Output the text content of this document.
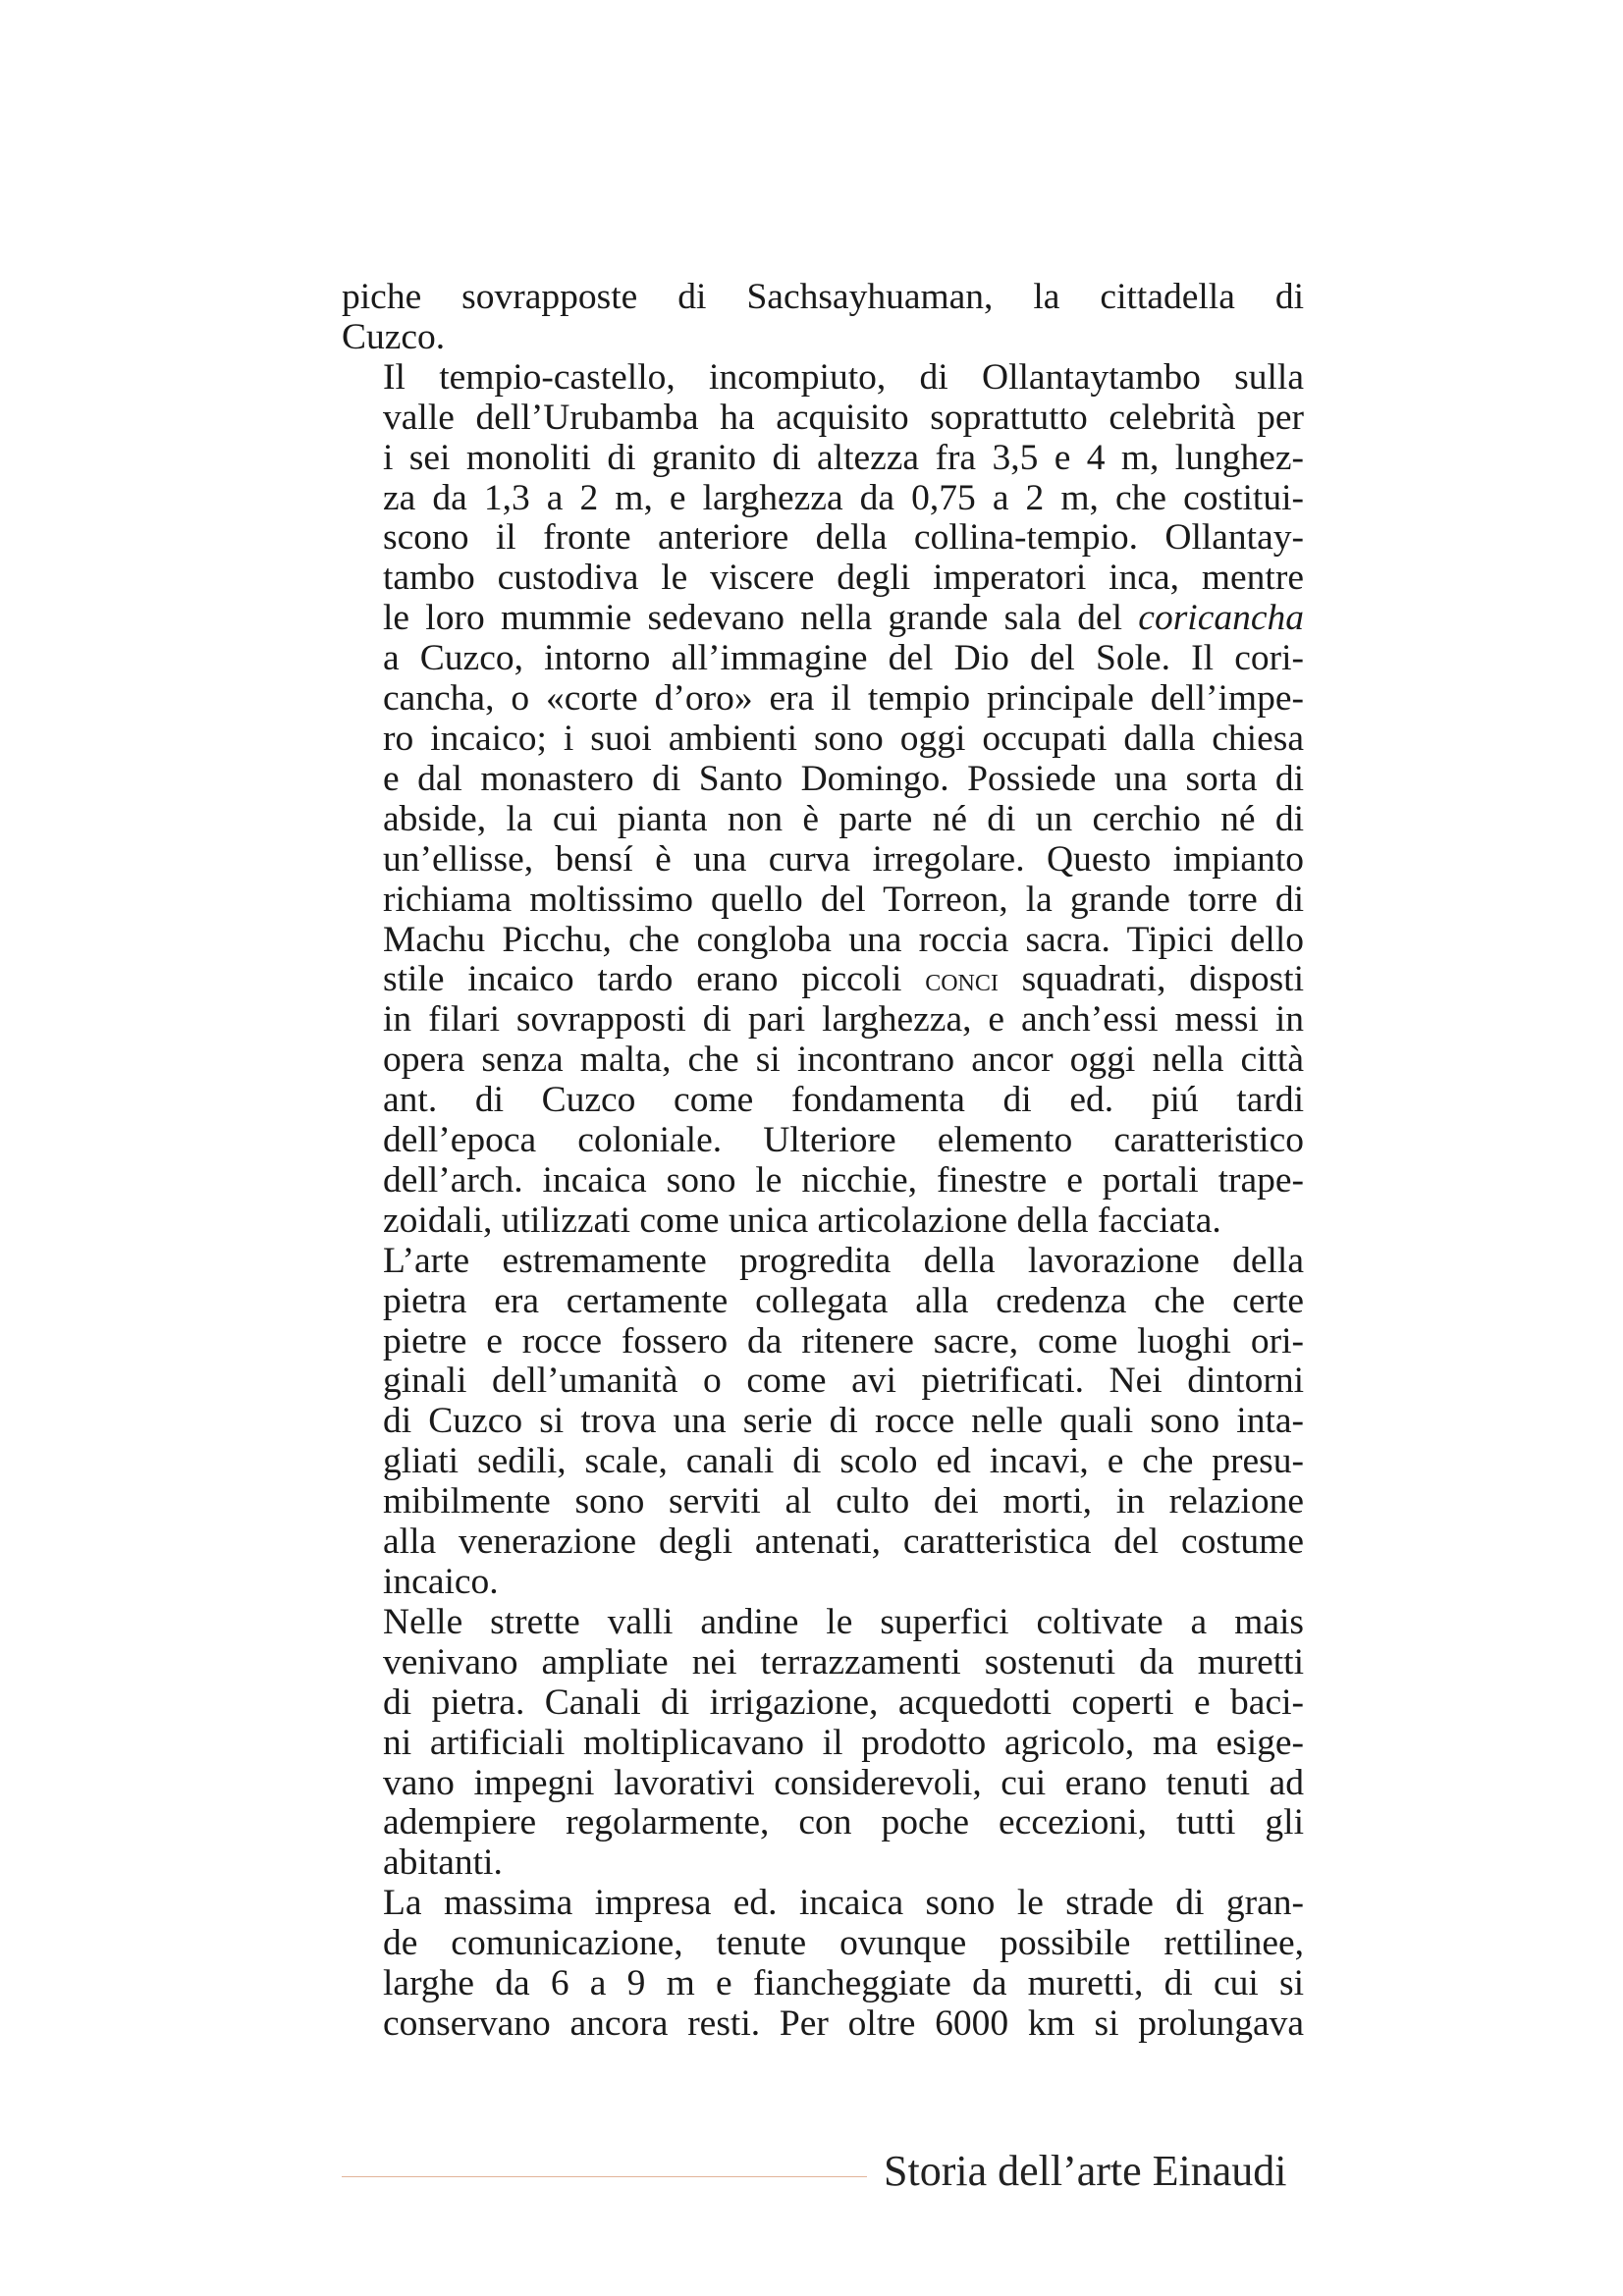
piche sovrapposte di Sachsayhuaman, la cittadella di
Cuzco.

Il tempio-castello, incompiuto, di Ollantaytambo sulla
valle dell’Urubamba ha acquisito soprattutto celebrità per
i sei monoliti di granito di altezza fra 3,5 e 4 m, lunghez-
za da 1,3 a 2 m, e larghezza da 0,75 a 2 m, che costitui-
scono il fronte anteriore della collina-tempio. Ollantay-
tambo custodiva le viscere degli imperatori inca, mentre
le loro mummie sedevano nella grande sala del coricancha
a Cuzco, intorno all’immagine del Dio del Sole. Il cori-
cancha, o «corte d’oro» era il tempio principale dell’impe-
ro incaico; i suoi ambienti sono oggi occupati dalla chiesa
e dal monastero di Santo Domingo. Possiede una sorta di
abside, la cui pianta non è parte né di un cerchio né di
un’ellisse, bensí è una curva irregolare. Questo impianto
richiama moltissimo quello del Torreon, la grande torre di
Machu Picchu, che congloba una roccia sacra. Tipici dello
stile incaico tardo erano piccoli conci squadrati, disposti
in filari sovrapposti di pari larghezza, e anch’essi messi in
opera senza malta, che si incontrano ancor oggi nella città
ant. di Cuzco come fondamenta di ed. piú tardi
dell’epoca coloniale. Ulteriore elemento caratteristico
dell’arch. incaica sono le nicchie, finestre e portali trape-
zoidali, utilizzati come unica articolazione della facciata.

L’arte estremamente progredita della lavorazione della
pietra era certamente collegata alla credenza che certe
pietre e rocce fossero da ritenere sacre, come luoghi ori-
ginali dell’umanità o come avi pietrificati. Nei dintorni
di Cuzco si trova una serie di rocce nelle quali sono inta-
gliati sedili, scale, canali di scolo ed incavi, e che presu-
mibilmente sono serviti al culto dei morti, in relazione
alla venerazione degli antenati, caratteristica del costume
incaico.

Nelle strette valli andine le superfici coltivate a mais
venivano ampliate nei terrazzamenti sostenuti da muretti
di pietra. Canali di irrigazione, acquedotti coperti e baci-
ni artificiali moltiplicavano il prodotto agricolo, ma esige-
vano impegni lavorativi considerevoli, cui erano tenuti ad
adempiere regolarmente, con poche eccezioni, tutti gli
abitanti.

La massima impresa ed. incaica sono le strade di gran-
de comunicazione, tenute ovunque possibile rettilinee,
larghe da 6 a 9 m e fiancheggiate da muretti, di cui si
conservano ancora resti. Per oltre 6000 km si prolungava

Storia dell’arte Einaudi
